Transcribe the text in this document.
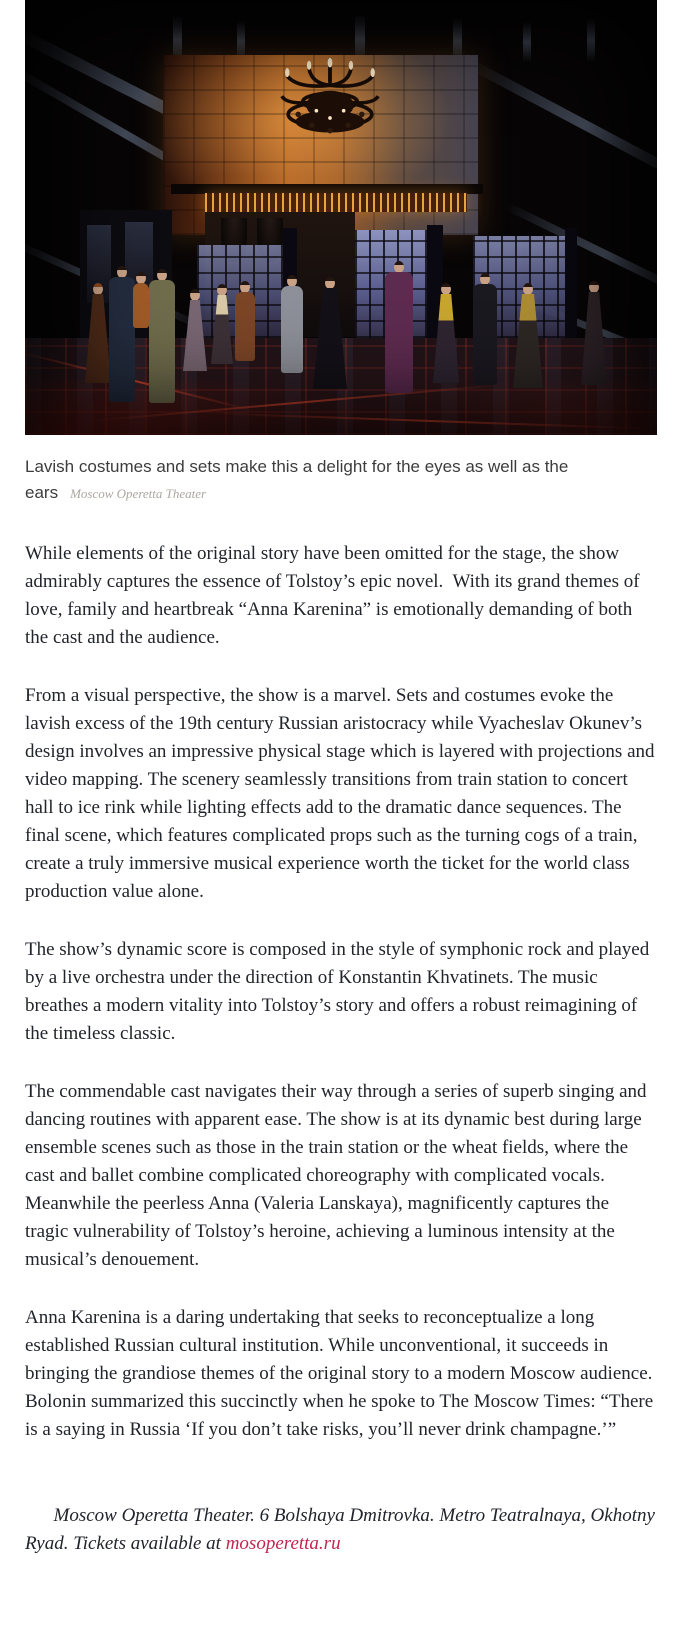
Lavish costumes and sets make this a delight for the eyes as well as the ears Moscow Operetta Theater

While elements of the original story have been omitted for the stage, the show admirably captures the essence of Tolstoy’s epic novel.  With its grand themes of love, family and heartbreak “Anna Karenina” is emotionally demanding of both the cast and the audience.

From a visual perspective, the show is a marvel. Sets and costumes evoke the lavish excess of the 19th century Russian aristocracy while Vyacheslav Okunev’s design involves an impressive physical stage which is layered with projections and video mapping. The scenery seamlessly transitions from train station to concert hall to ice rink while lighting effects add to the dramatic dance sequences. The final scene, which features complicated props such as the turning cogs of a train, create a truly immersive musical experience worth the ticket for the world class production value alone.

The show’s dynamic score is composed in the style of symphonic rock and played by a live orchestra under the direction of Konstantin Khvatinets. The music breathes a modern vitality into Tolstoy’s story and offers a robust reimagining of the timeless classic.

The commendable cast navigates their way through a series of superb singing and dancing routines with apparent ease. The show is at its dynamic best during large ensemble scenes such as those in the train station or the wheat fields, where the cast and ballet combine complicated choreography with complicated vocals. Meanwhile the peerless Anna (Valeria Lanskaya), magnificently captures the tragic vulnerability of Tolstoy’s heroine, achieving a luminous intensity at the musical’s denouement.

Anna Karenina is a daring undertaking that seeks to reconceptualize a long established Russian cultural institution. While unconventional, it succeeds in bringing the grandiose themes of the original story to a modern Moscow audience. Bolonin summarized this succinctly when he spoke to The Moscow Times: “There is a saying in Russia ‘If you don’t take risks, you’ll never drink champagne.’”

Moscow Operetta Theater. 6 Bolshaya Dmitrovka. Metro Teatralnaya, Okhotny Ryad. Tickets available at mosoperetta.ru
